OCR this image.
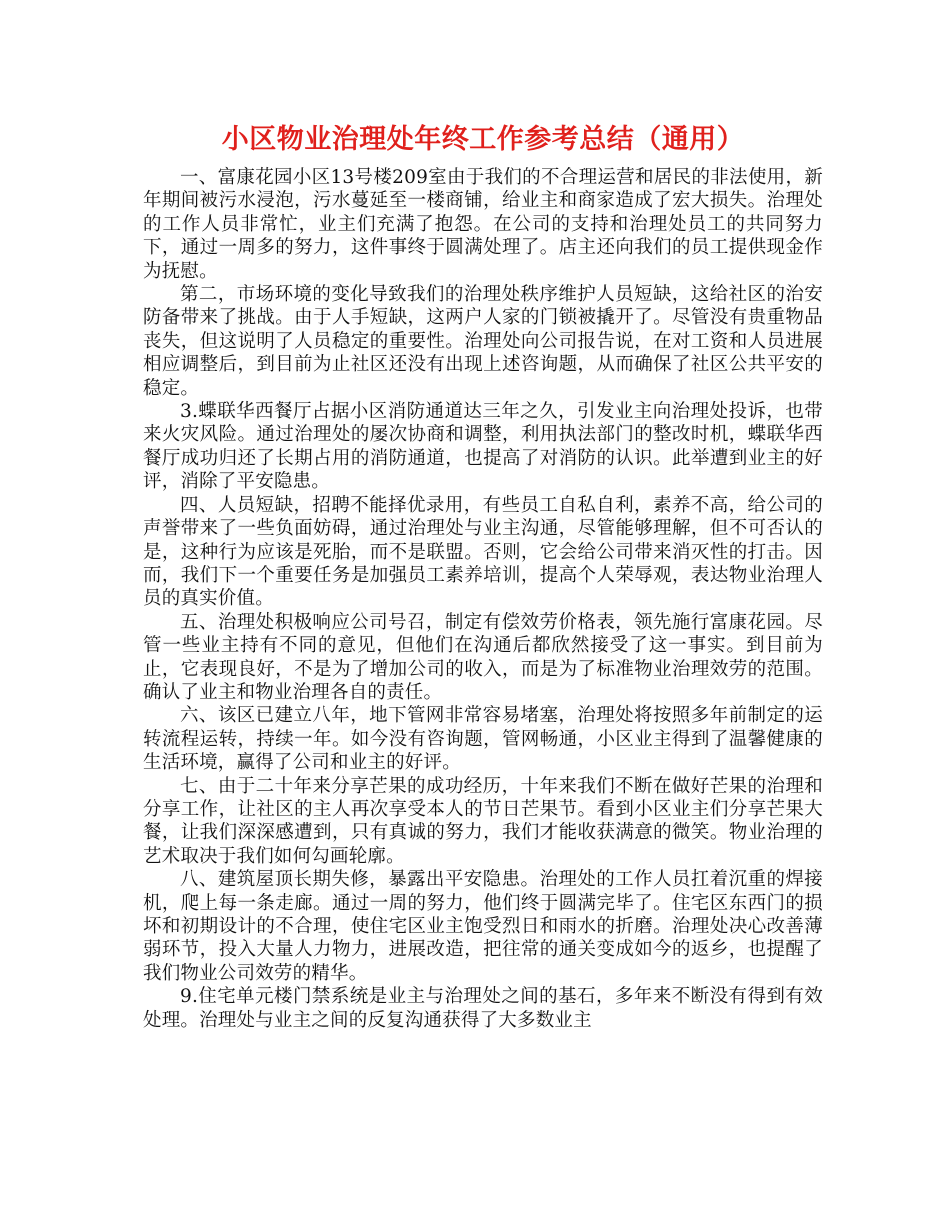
小区物业治理处年终工作参考总结（通用）

一、富康花园小区13号楼209室由于我们的不合理运营和居民的非法使用，新年期间被污水浸泡，污水蔓延至一楼商铺，给业主和商家造成了宏大损失。治理处的工作人员非常忙，业主们充满了抱怨。在公司的支持和治理处员工的共同努力下，通过一周多的努力，这件事终于圆满处理了。店主还向我们的员工提供现金作为抚慰。

第二，市场环境的变化导致我们的治理处秩序维护人员短缺，这给社区的治安防备带来了挑战。由于人手短缺，这两户人家的门锁被撬开了。尽管没有贵重物品丧失，但这说明了人员稳定的重要性。治理处向公司报告说，在对工资和人员进展相应调整后，到目前为止社区还没有出现上述咨询题，从而确保了社区公共平安的稳定。

3.蝶联华西餐厅占据小区消防通道达三年之久，引发业主向治理处投诉，也带来火灾风险。通过治理处的屡次协商和调整，利用执法部门的整改时机，蝶联华西餐厅成功归还了长期占用的消防通道，也提高了对消防的认识。此举遭到业主的好评，消除了平安隐患。

四、人员短缺，招聘不能择优录用，有些员工自私自利，素养不高，给公司的声誉带来了一些负面妨碍，通过治理处与业主沟通，尽管能够理解，但不可否认的是，这种行为应该是死胎，而不是联盟。否则，它会给公司带来消灭性的打击。因而，我们下一个重要任务是加强员工素养培训，提高个人荣辱观，表达物业治理人员的真实价值。

五、治理处积极响应公司号召，制定有偿效劳价格表，领先施行富康花园。尽管一些业主持有不同的意见，但他们在沟通后都欣然接受了这一事实。到目前为止，它表现良好，不是为了增加公司的收入，而是为了标准物业治理效劳的范围。确认了业主和物业治理各自的责任。

六、该区已建立八年，地下管网非常容易堵塞，治理处将按照多年前制定的运转流程运转，持续一年。如今没有咨询题，管网畅通，小区业主得到了温馨健康的生活环境，赢得了公司和业主的好评。

七、由于二十年来分享芒果的成功经历，十年来我们不断在做好芒果的治理和分享工作，让社区的主人再次享受本人的节日芒果节。看到小区业主们分享芒果大餐，让我们深深感遭到，只有真诚的努力，我们才能收获满意的微笑。物业治理的艺术取决于我们如何勾画轮廓。

八、建筑屋顶长期失修，暴露出平安隐患。治理处的工作人员扛着沉重的焊接机，爬上每一条走廊。通过一周的努力，他们终于圆满完毕了。住宅区东西门的损坏和初期设计的不合理，使住宅区业主饱受烈日和雨水的折磨。治理处决心改善薄弱环节，投入大量人力物力，进展改造，把往常的通关变成如今的返乡，也提醒了我们物业公司效劳的精华。

9.住宅单元楼门禁系统是业主与治理处之间的基石，多年来不断没有得到有效处理。治理处与业主之间的反复沟通获得了大多数业主
